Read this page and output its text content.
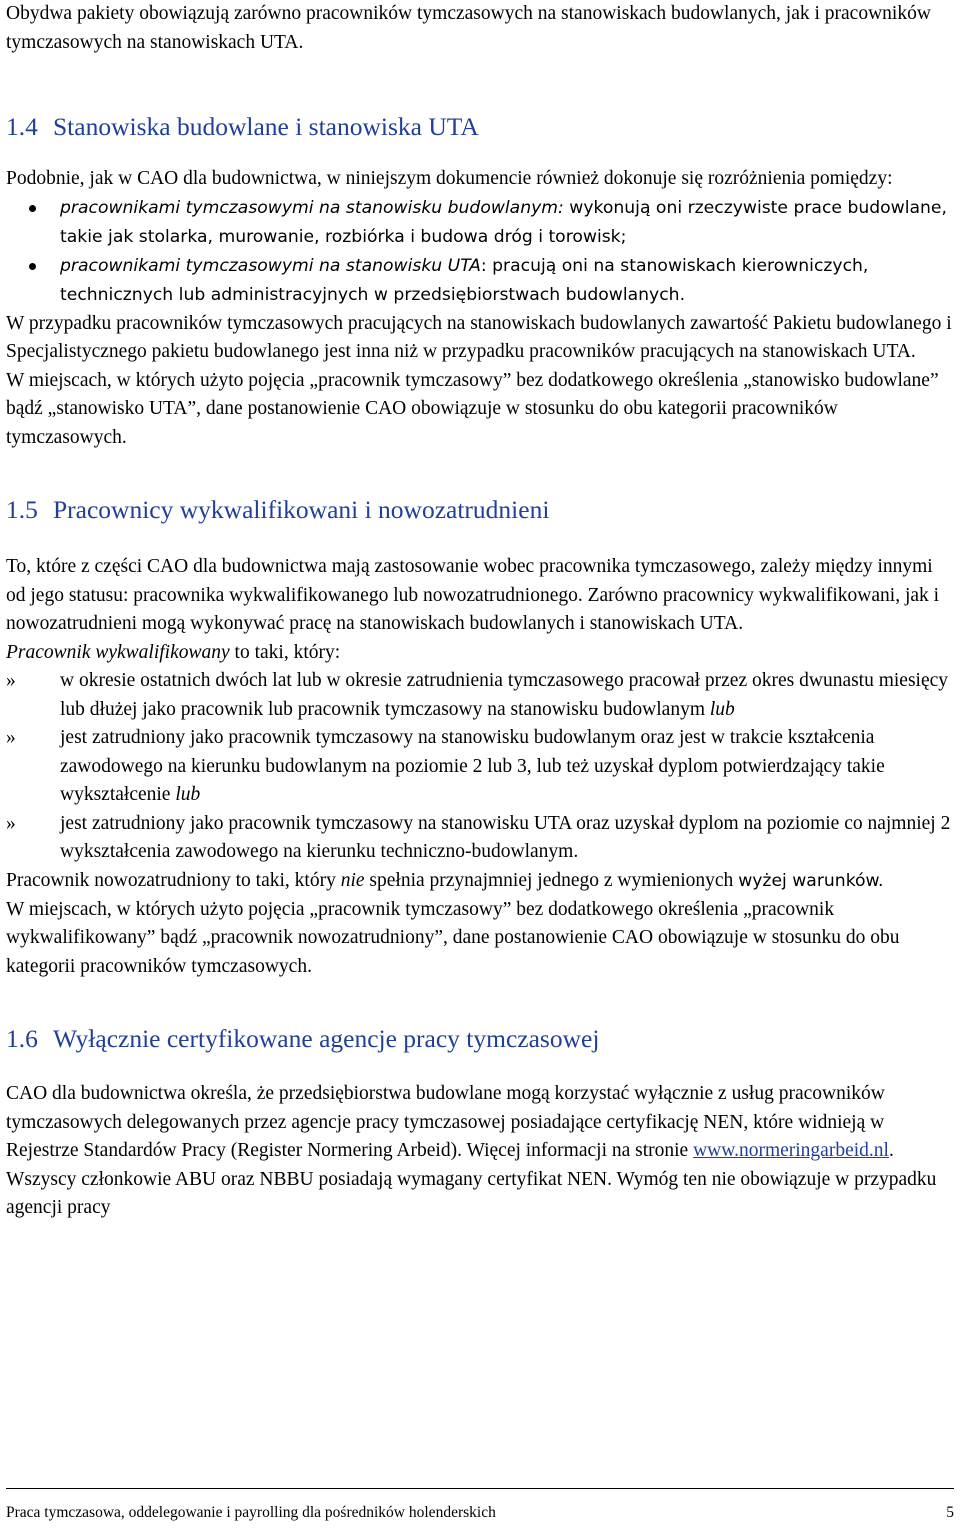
Obydwa pakiety obowiązują zarówno pracowników tymczasowych na stanowiskach budowlanych, jak i pracowników tymczasowych na stanowiskach UTA.

1.4 Stanowiska budowlane i stanowiska UTA

Podobnie, jak w CAO dla budownictwa, w niniejszym dokumencie również dokonuje się rozróżnienia pomiędzy:

pracownikami tymczasowymi na stanowisku budowlanym: wykonują oni rzeczywiste prace budowlane, takie jak stolarka, murowanie, rozbiórka i budowa dróg i torowisk;
pracownikami tymczasowymi na stanowisku UTA: pracują oni na stanowiskach kierowniczych, technicznych lub administracyjnych w przedsiębiorstwach budowlanych.

W przypadku pracowników tymczasowych pracujących na stanowiskach budowlanych zawartość Pakietu budowlanego i Specjalistycznego pakietu budowlanego jest inna niż w przypadku pracowników pracujących na stanowiskach UTA.

W miejscach, w których użyto pojęcia „pracownik tymczasowy” bez dodatkowego określenia „stanowisko budowlane” bądź „stanowisko UTA”, dane postanowienie CAO obowiązuje w stosunku do obu kategorii pracowników tymczasowych.

1.5 Pracownicy wykwalifikowani i nowozatrudnieni

To, które z części CAO dla budownictwa mają zastosowanie wobec pracownika tymczasowego, zależy między innymi od jego statusu: pracownika wykwalifikowanego lub nowozatrudnionego. Zarówno pracownicy wykwalifikowani, jak i nowozatrudnieni mogą wykonywać pracę na stanowiskach budowlanych i stanowiskach UTA.

Pracownik wykwalifikowany to taki, który:

» w okresie ostatnich dwóch lat lub w okresie zatrudnienia tymczasowego pracował przez okres dwunastu miesięcy lub dłużej jako pracownik lub pracownik tymczasowy na stanowisku budowlanym lub
» jest zatrudniony jako pracownik tymczasowy na stanowisku budowlanym oraz jest w trakcie kształcenia zawodowego na kierunku budowlanym na poziomie 2 lub 3, lub też uzyskał dyplom potwierdzający takie wykształcenie lub
» jest zatrudniony jako pracownik tymczasowy na stanowisku UTA oraz uzyskał dyplom na poziomie co najmniej 2 wykształcenia zawodowego na kierunku techniczno-budowlanym.

Pracownik nowozatrudniony to taki, który nie spełnia przynajmniej jednego z wymienionych wyżej warunków.

W miejscach, w których użyto pojęcia „pracownik tymczasowy” bez dodatkowego określenia „pracownik wykwalifikowany” bądź „pracownik nowozatrudniony”, dane postanowienie CAO obowiązuje w stosunku do obu kategorii pracowników tymczasowych.

1.6 Wyłącznie certyfikowane agencje pracy tymczasowej

CAO dla budownictwa określa, że przedsiębiorstwa budowlane mogą korzystać wyłącznie z usług pracowników tymczasowych delegowanych przez agencje pracy tymczasowej posiadające certyfikację NEN, które widnieją w Rejestrze Standardów Pracy (Register Normering Arbeid). Więcej informacji na stronie www.normeringarbeid.nl. Wszyscy członkowie ABU oraz NBBU posiadają wymagany certyfikat NEN. Wymóg ten nie obowiązuje w przypadku agencji pracy

Praca tymczasowa, oddelegowanie i payrolling dla pośredników holenderskich	5
